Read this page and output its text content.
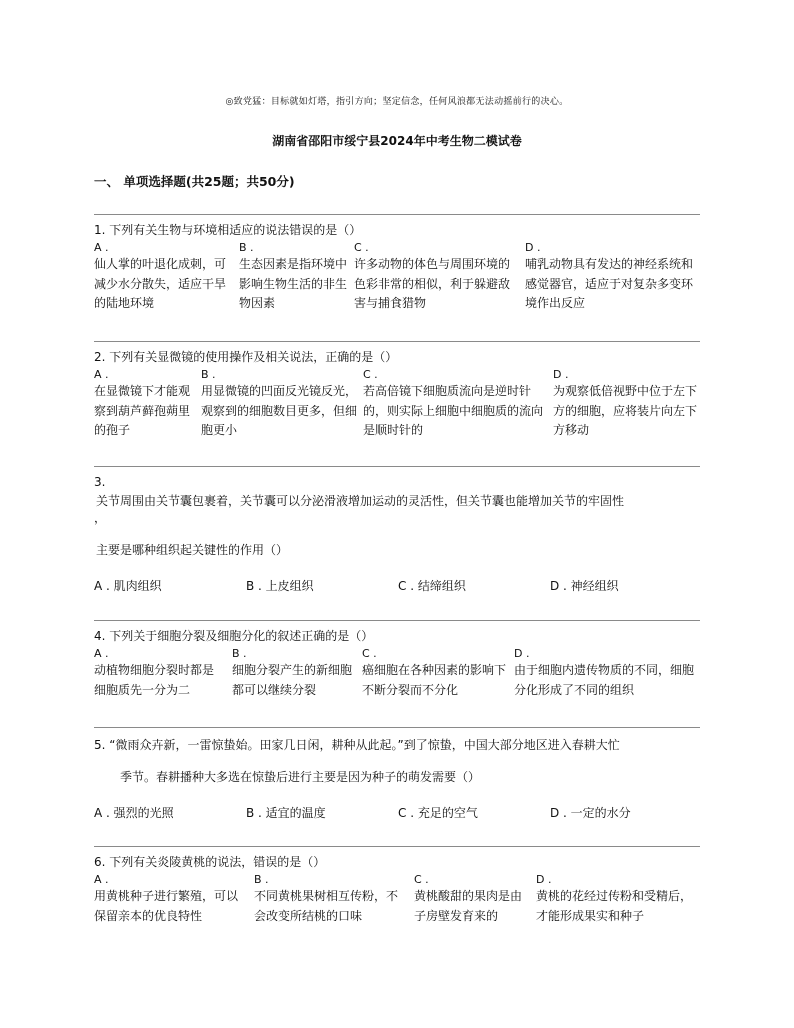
◎致党猛：目标就如灯塔，指引方向；坚定信念，任何风浪都无法动摇前行的决心。
湖南省邵阳市绥宁县2024年中考生物二模试卷
一、 单项选择题(共25题；共50分)
1. 下列有关生物与环境相适应的说法错误的是（）
A .
仙人掌的叶退化成刺，可减少水分散失，适应干旱的陆地环境
B .
生态因素是指环境中影响生物生活的非生物因素
C .
许多动物的体色与周围环境的色彩非常的相似，利于躲避敌害与捕食猎物
D .
哺乳动物具有发达的神经系统和感觉器官，适应于对复杂多变环境作出反应
2. 下列有关显微镜的使用操作及相关说法，正确的是（）
A .
在显微镜下才能观察到葫芦藓孢蒴里的孢子
B .
用显微镜的凹面反光镜反光，观察到的细胞数目更多，但细胞更小
C .
若高倍镜下细胞质流向是逆时针的，则实际上细胞中细胞质的流向是顺时针的
D .
为观察低倍视野中位于左下方的细胞，应将装片向左下方移动
3.
关节周围由关节囊包裹着，关节囊可以分泌滑液增加运动的灵活性，但关节囊也能增加关节的牢固性
，
主要是哪种组织起关键性的作用（）
A . 肌肉组织	B . 上皮组织	C . 结缔组织	D . 神经组织
4. 下列关于细胞分裂及细胞分化的叙述正确的是（）
A .
动植物细胞分裂时都是细胞质先一分为二
B .
细胞分裂产生的新细胞都可以继续分裂
C .
癌细胞在各种因素的影响下不断分裂而不分化
D .
由于细胞内遗传物质的不同，细胞分化形成了不同的组织
5. “微雨众卉新，一雷惊蛰始。田家几日闲，耕种从此起。”到了惊蛰，中国大部分地区进入春耕大忙
季节。春耕播种大多选在惊蛰后进行主要是因为种子的萌发需要（）
A . 强烈的光照	B . 适宜的温度	C . 充足的空气	D . 一定的水分
6. 下列有关炎陵黄桃的说法，错误的是（）
A .
用黄桃种子进行繁殖，可以保留亲本的优良特性
B .
不同黄桃果树相互传粉，不会改变所结桃的口味
C .
黄桃酸甜的果肉是由子房壁发育来的
D .
黄桃的花经过传粉和受精后，才能形成果实和种子
